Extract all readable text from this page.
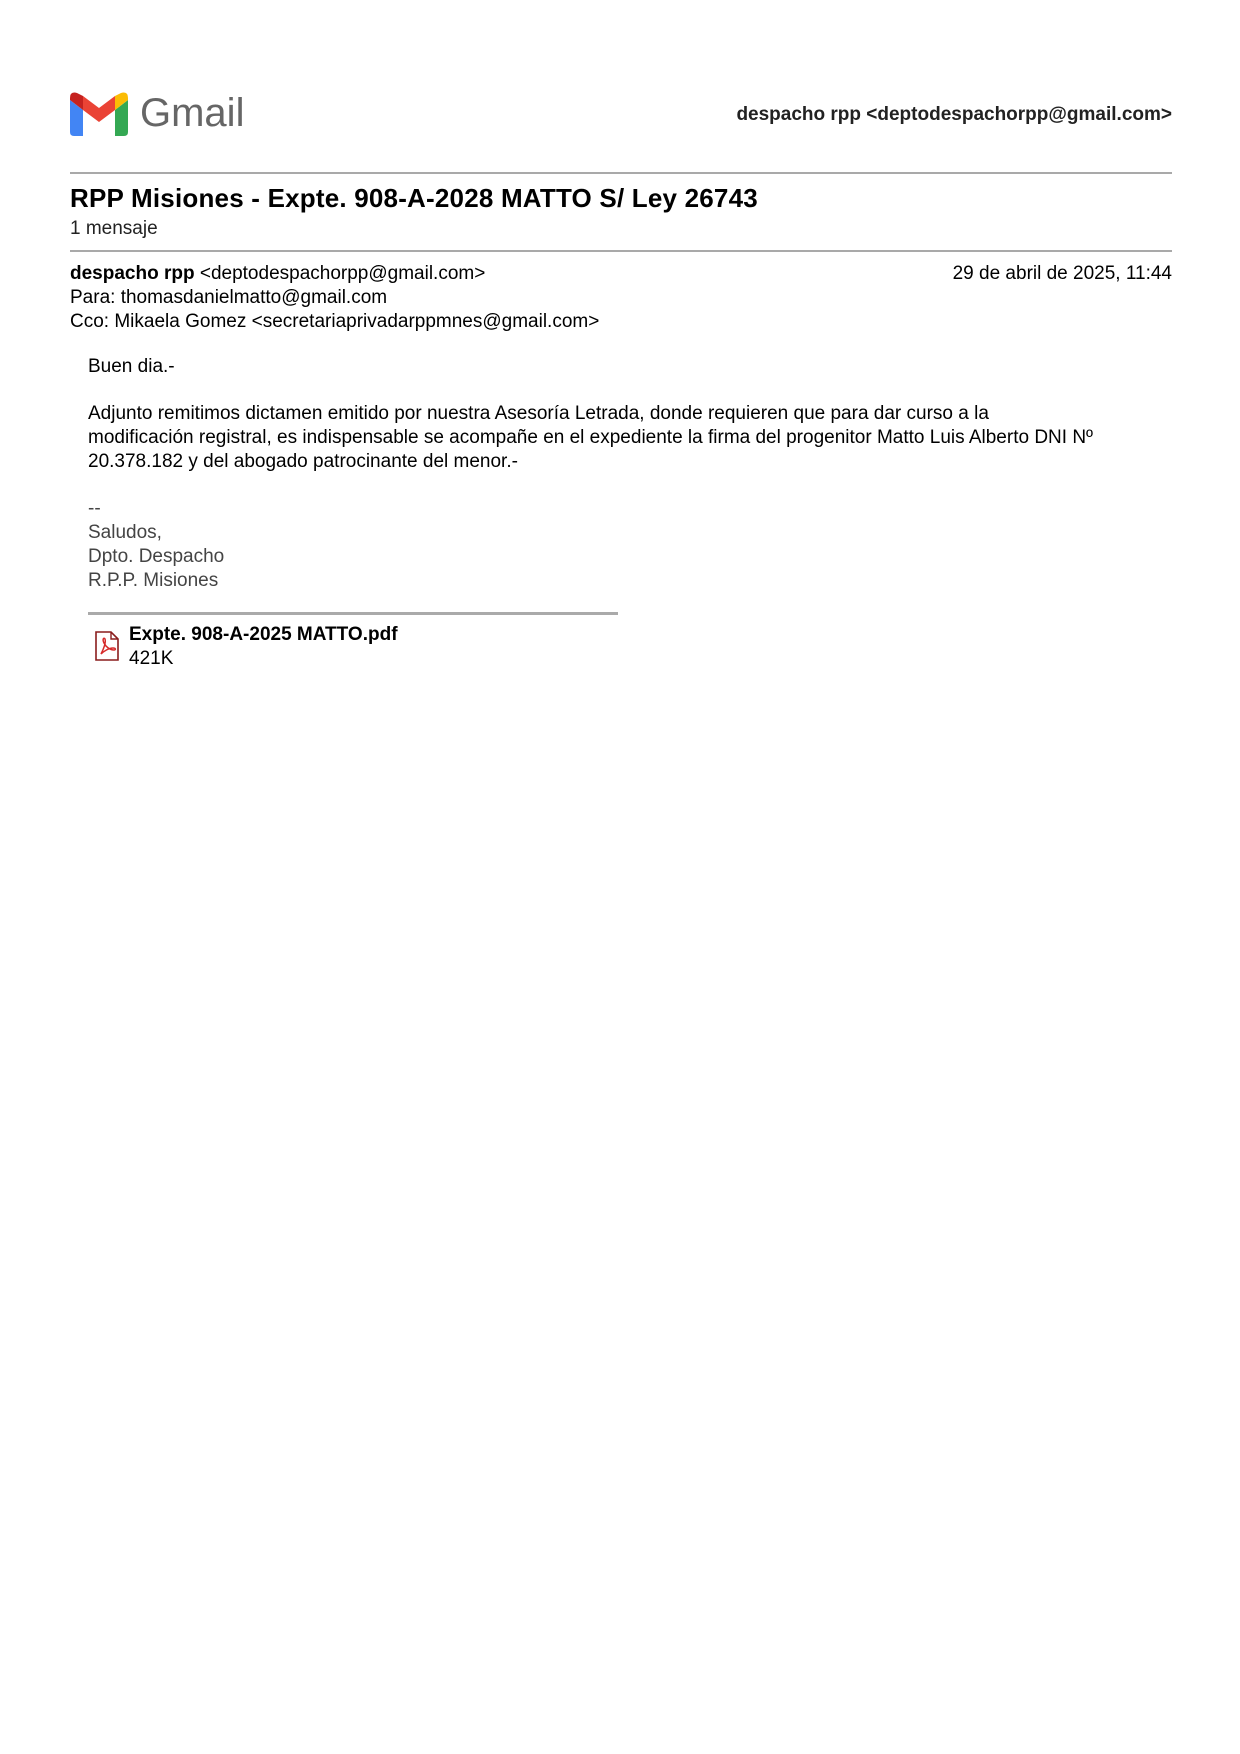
Gmail	despacho rpp <deptodespachorpp@gmail.com>
RPP Misiones - Expte. 908-A-2028 MATTO S/ Ley 26743
1 mensaje
despacho rpp <deptodespachorpp@gmail.com>	29 de abril de 2025, 11:44
Para: thomasdanielmatto@gmail.com
Cco: Mikaela Gomez <secretariaprivadarppmnes@gmail.com>

Buen dia.-

Adjunto remitimos dictamen emitido por nuestra Asesoría Letrada, donde requieren que para dar curso a la

modificación registral, es indispensable se acompañe en el expediente la firma del progenitor Matto Luis Alberto DNI Nº

20.378.182 y del abogado patrocinante del menor.-

--

Saludos,

Dpto. Despacho

R.P.P. Misiones

Expte. 908-A-2025 MATTO.pdf
421K
